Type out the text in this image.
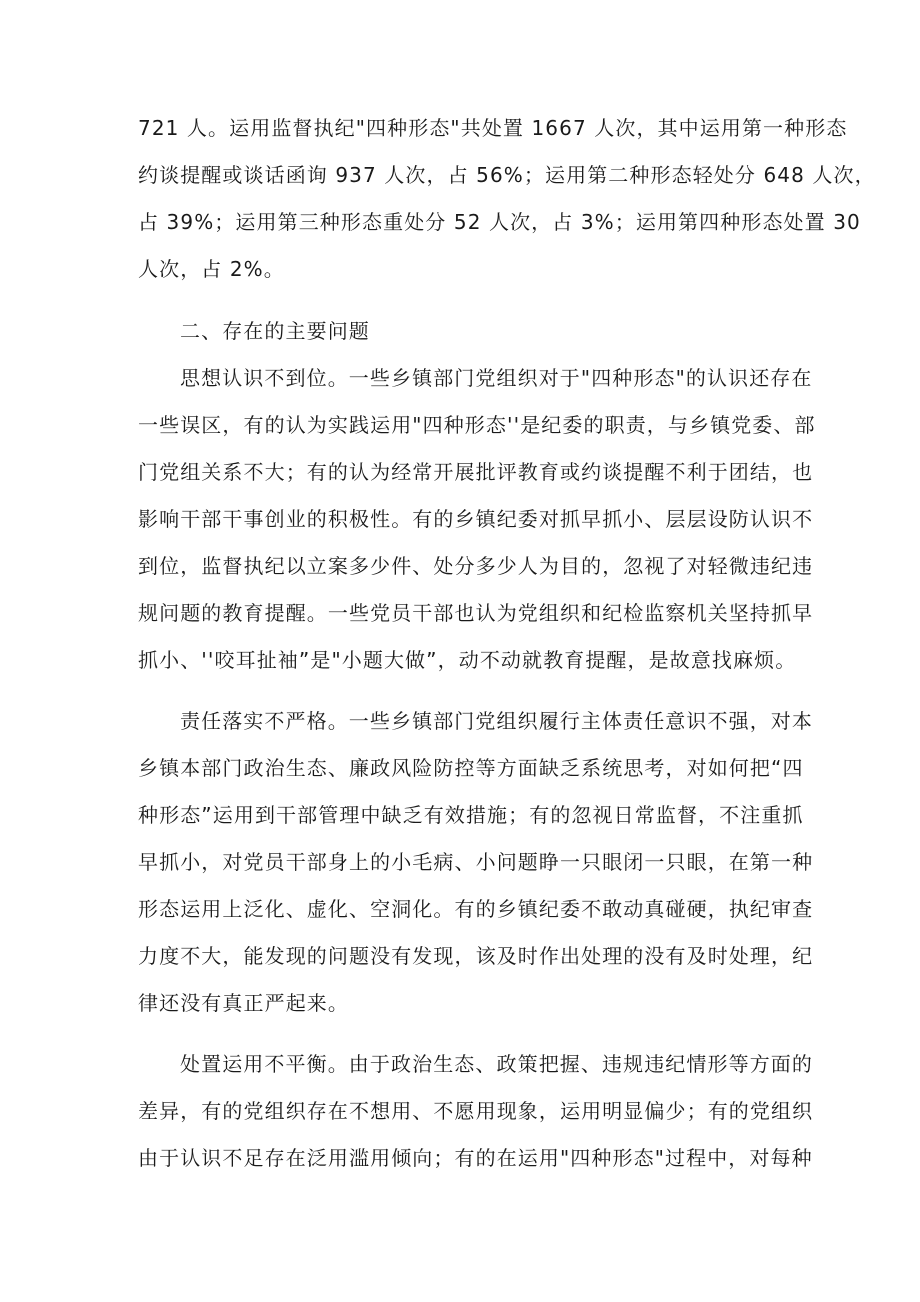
721 人。运用监督执纪"四种形态"共处置 1667 人次，其中运用第一种形态
约谈提醒或谈话函询 937 人次，占 56%；运用第二种形态轻处分 648 人次，
占 39%；运用第三种形态重处分 52 人次，占 3%；运用第四种形态处置 30
人次，占 2%。
二、存在的主要问题
思想认识不到位。一些乡镇部门党组织对于"四种形态"的认识还存在
一些误区，有的认为实践运用"四种形态''是纪委的职责，与乡镇党委、部
门党组关系不大；有的认为经常开展批评教育或约谈提醒不利于团结，也
影响干部干事创业的积极性。有的乡镇纪委对抓早抓小、层层设防认识不
到位，监督执纪以立案多少件、处分多少人为目的，忽视了对轻微违纪违
规问题的教育提醒。一些党员干部也认为党组织和纪检监察机关坚持抓早
抓小、''咬耳扯袖”是"小题大做”，动不动就教育提醒，是故意找麻烦。
责任落实不严格。一些乡镇部门党组织履行主体责任意识不强，对本
乡镇本部门政治生态、廉政风险防控等方面缺乏系统思考，对如何把“四
种形态”运用到干部管理中缺乏有效措施；有的忽视日常监督，不注重抓
早抓小，对党员干部身上的小毛病、小问题睁一只眼闭一只眼，在第一种
形态运用上泛化、虚化、空洞化。有的乡镇纪委不敢动真碰硬，执纪审查
力度不大，能发现的问题没有发现，该及时作出处理的没有及时处理，纪
律还没有真正严起来。
处置运用不平衡。由于政治生态、政策把握、违规违纪情形等方面的
差异，有的党组织存在不想用、不愿用现象，运用明显偏少；有的党组织
由于认识不足存在泛用滥用倾向；有的在运用"四种形态"过程中，对每种
